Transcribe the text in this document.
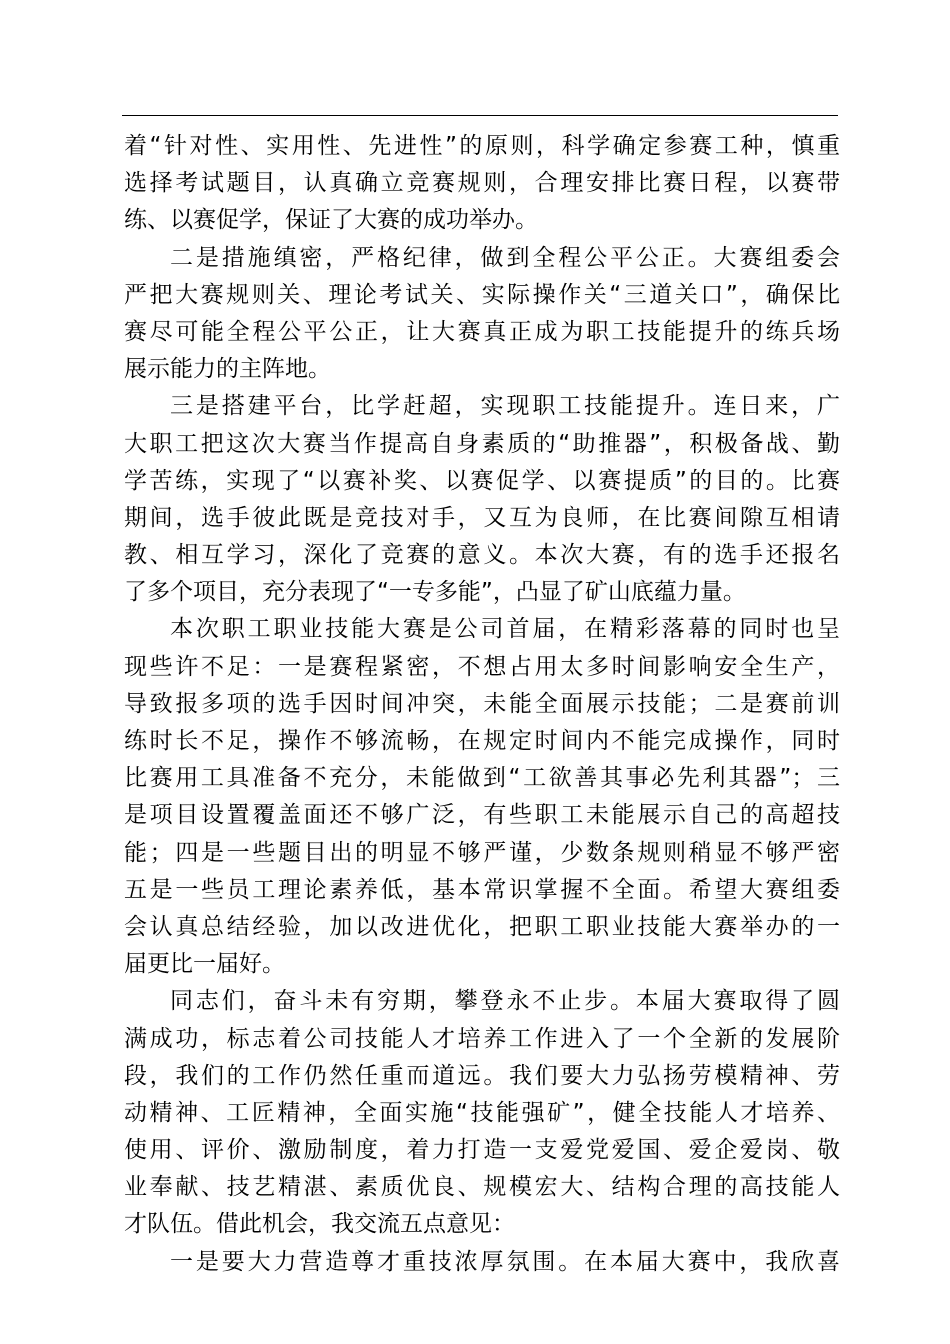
着“针对性、实用性、先进性”的原则，科学确定参赛工种，慎重
选择考试题目，认真确立竞赛规则，合理安排比赛日程，以赛带
练、以赛促学，保证了大赛的成功举办。
二是措施缜密，严格纪律，做到全程公平公正。大赛组委会
严把大赛规则关、理论考试关、实际操作关“三道关口”，确保比
赛尽可能全程公平公正，让大赛真正成为职工技能提升的练兵场
展示能力的主阵地。
三是搭建平台，比学赶超，实现职工技能提升。连日来，广
大职工把这次大赛当作提高自身素质的“助推器”，积极备战、勤
学苦练，实现了“以赛补奖、以赛促学、以赛提质”的目的。比赛
期间，选手彼此既是竞技对手，又互为良师，在比赛间隙互相请
教、相互学习，深化了竞赛的意义。本次大赛，有的选手还报名
了多个项目，充分表现了“一专多能”，凸显了矿山底蕴力量。
本次职工职业技能大赛是公司首届，在精彩落幕的同时也呈
现些许不足：一是赛程紧密，不想占用太多时间影响安全生产，
导致报多项的选手因时间冲突，未能全面展示技能；二是赛前训
练时长不足，操作不够流畅，在规定时间内不能完成操作，同时
比赛用工具准备不充分，未能做到“工欲善其事必先利其器”；三
是项目设置覆盖面还不够广泛，有些职工未能展示自己的高超技
能；四是一些题目出的明显不够严谨，少数条规则稍显不够严密
五是一些员工理论素养低，基本常识掌握不全面。希望大赛组委
会认真总结经验，加以改进优化，把职工职业技能大赛举办的一
届更比一届好。
同志们，奋斗未有穷期，攀登永不止步。本届大赛取得了圆
满成功，标志着公司技能人才培养工作进入了一个全新的发展阶
段，我们的工作仍然任重而道远。我们要大力弘扬劳模精神、劳
动精神、工匠精神，全面实施“技能强矿”，健全技能人才培养、
使用、评价、激励制度，着力打造一支爱党爱国、爱企爱岗、敬
业奉献、技艺精湛、素质优良、规模宏大、结构合理的高技能人
才队伍。借此机会，我交流五点意见：
一是要大力营造尊才重技浓厚氛围。在本届大赛中，我欣喜
